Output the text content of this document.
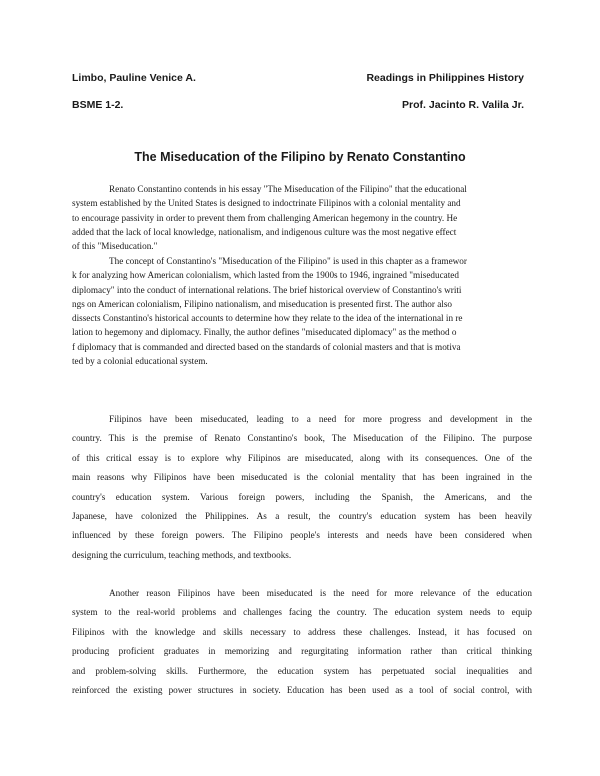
Limbo, Pauline Venice A.	Readings in Philippines History
BSME 1-2.	Prof. Jacinto R. Valila Jr.
The Miseducation of the Filipino by Renato Constantino
Renato Constantino contends in his essay "The Miseducation of the Filipino" that the educational
system established by the United States is designed to indoctrinate Filipinos with a colonial mentality and
to encourage passivity in order to prevent them from challenging American hegemony in the country. He
added that the lack of local knowledge, nationalism, and indigenous culture was the most negative effect
of this "Miseducation."
The concept of Constantino's "Miseducation of the Filipino" is used in this chapter as a framewor
k for analyzing how American colonialism, which lasted from the 1900s to 1946, ingrained "miseducated
diplomacy" into the conduct of international relations. The brief historical overview of Constantino's writi
ngs on American colonialism, Filipino nationalism, and miseducation is presented first. The author also
dissects Constantino's historical accounts to determine how they relate to the idea of the international in re
lation to hegemony and diplomacy. Finally, the author defines "miseducated diplomacy" as the method o
f diplomacy that is commanded and directed based on the standards of colonial masters and that is motiva
ted by a colonial educational system.
Filipinos have been miseducated, leading to a need for more progress and development in the
country. This is the premise of Renato Constantino's book, The Miseducation of the Filipino. The purpose
of this critical essay is to explore why Filipinos are miseducated, along with its consequences. One of the
main reasons why Filipinos have been miseducated is the colonial mentality that has been ingrained in the
country's education system. Various foreign powers, including the Spanish, the Americans, and the
Japanese, have colonized the Philippines. As a result, the country's education system has been heavily
influenced by these foreign powers. The Filipino people's interests and needs have been considered when
designing the curriculum, teaching methods, and textbooks.
Another reason Filipinos have been miseducated is the need for more relevance of the education
system to the real-world problems and challenges facing the country. The education system needs to equip
Filipinos with the knowledge and skills necessary to address these challenges. Instead, it has focused on
producing proficient graduates in memorizing and regurgitating information rather than critical thinking
and problem-solving skills. Furthermore, the education system has perpetuated social inequalities and
reinforced the existing power structures in society. Education has been used as a tool of social control, with
